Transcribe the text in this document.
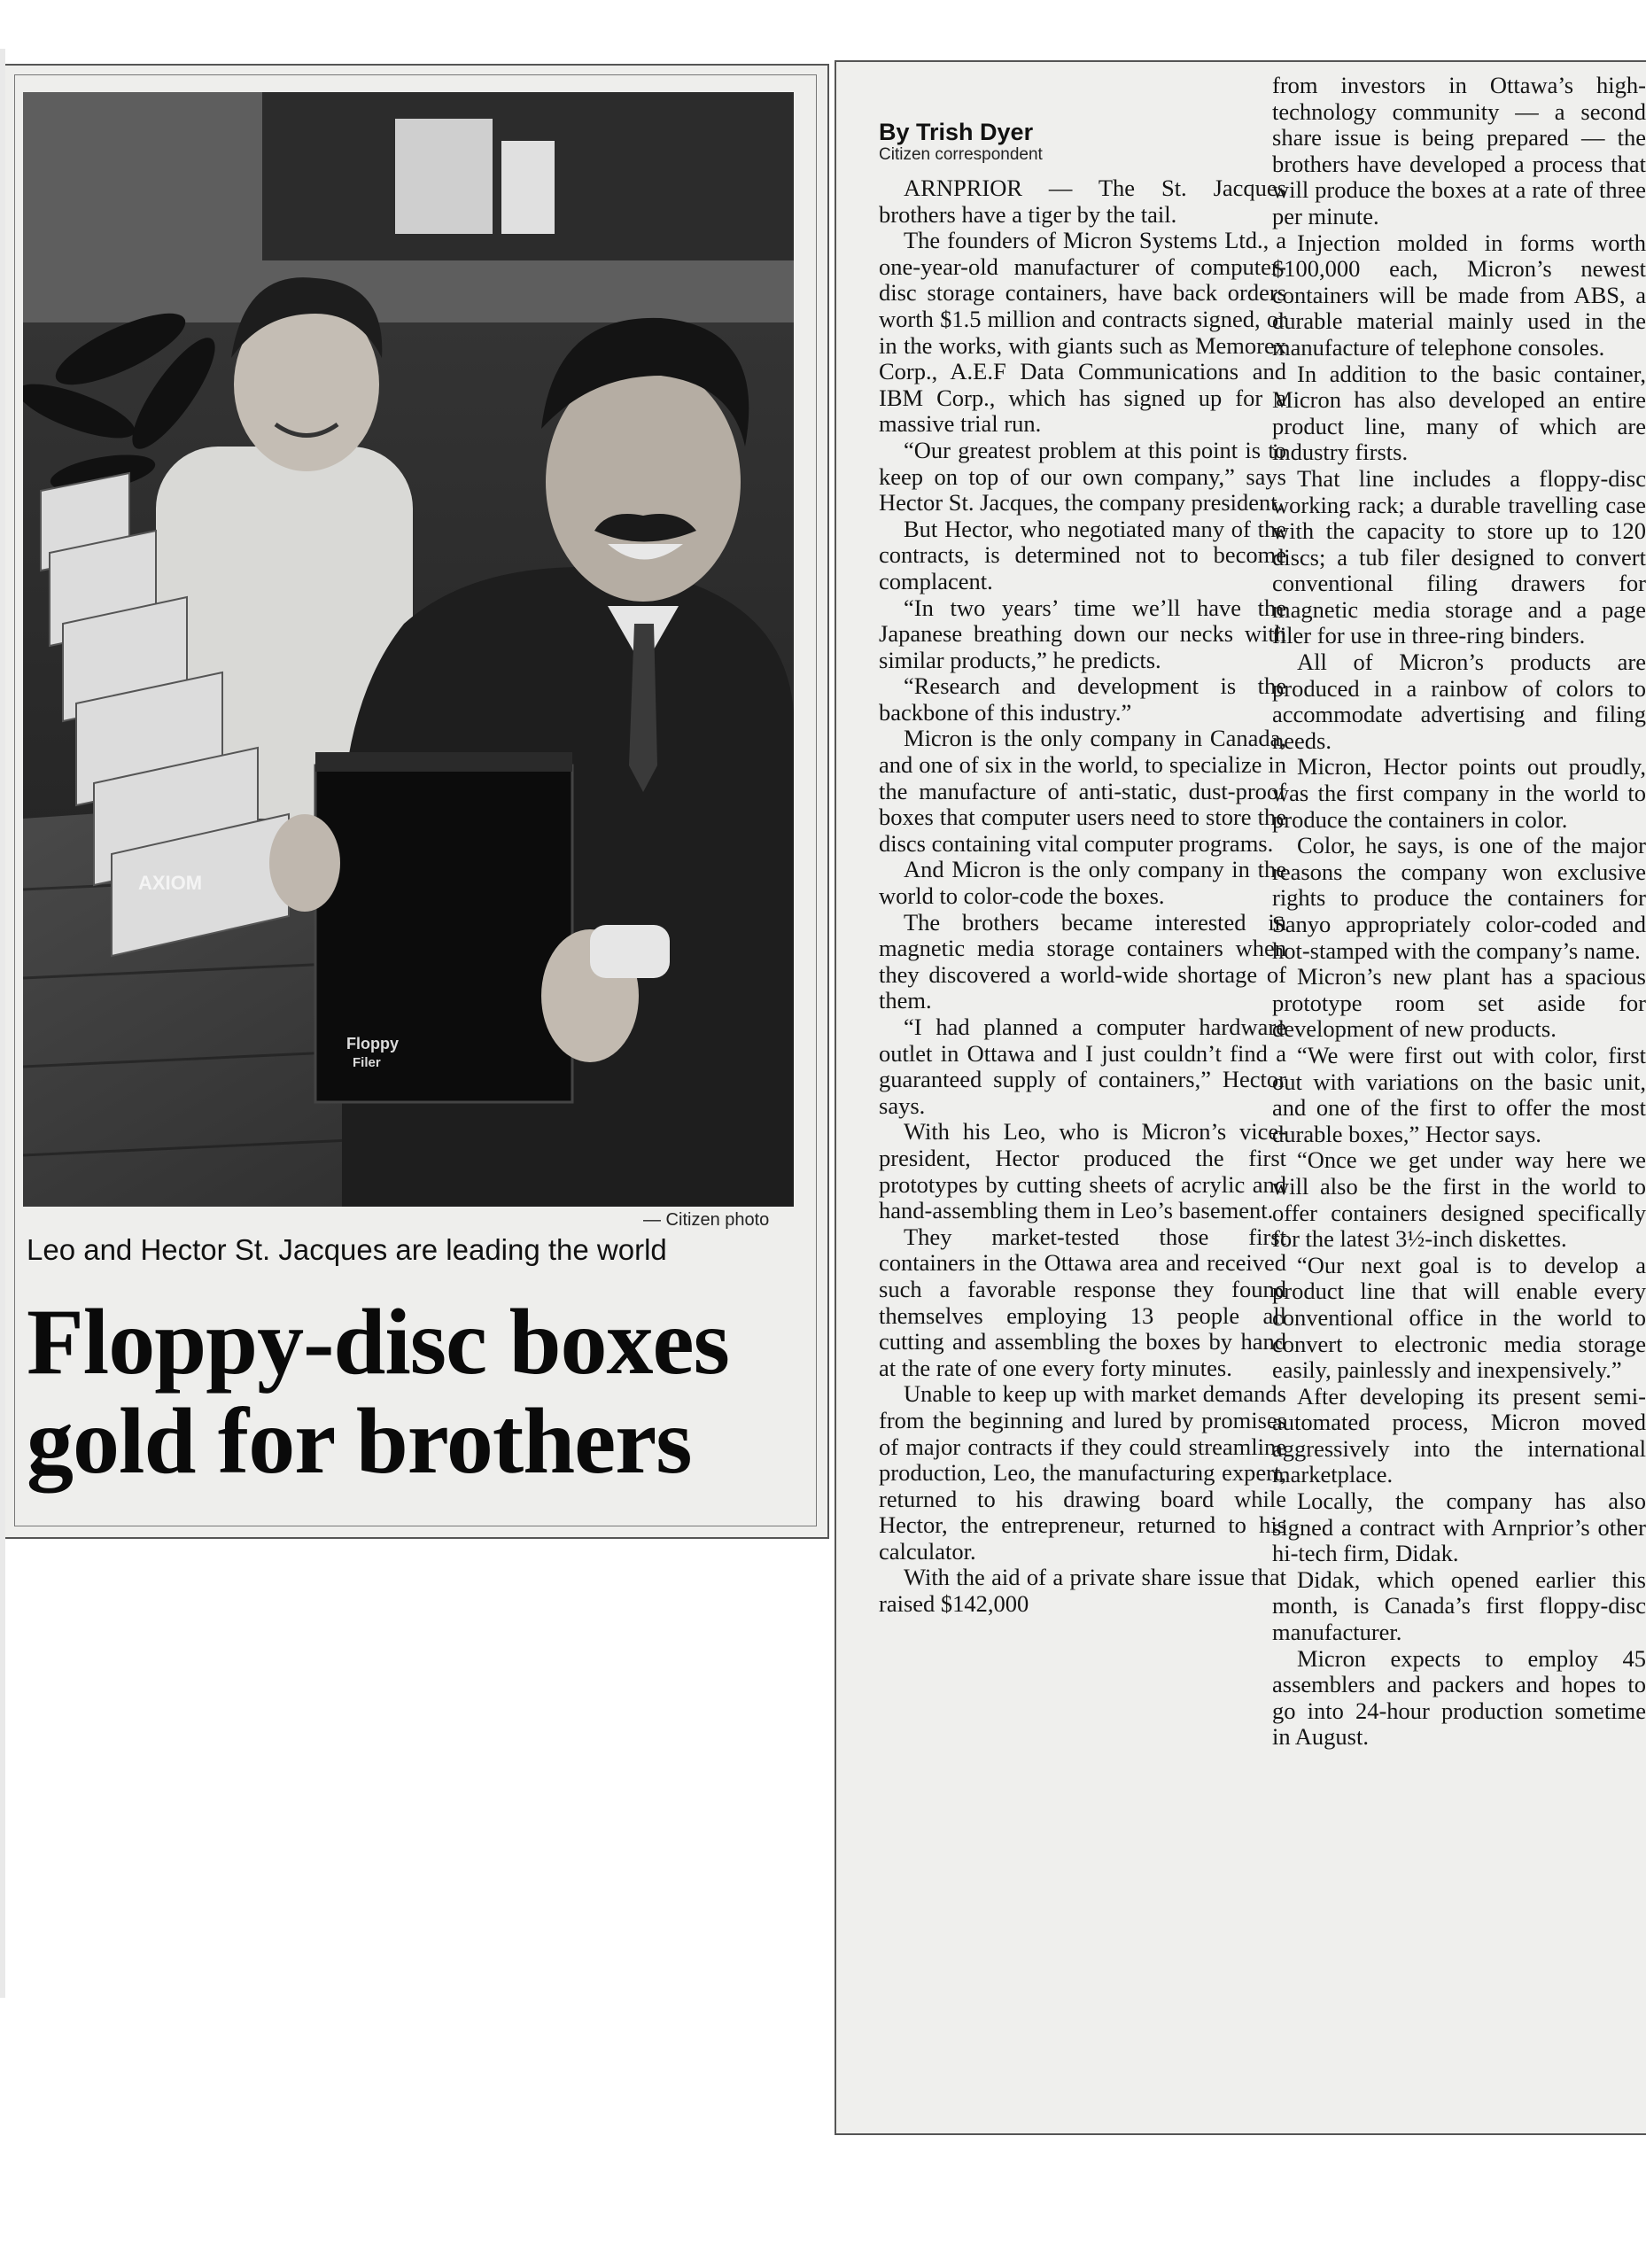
AXIOM
Floppy
Filer
— Citizen photo
Leo and Hector St. Jacques are leading the world
Floppy-disc boxes
gold for brothers
By Trish Dyer
Citizen correspondent

ARNPRIOR — The St. Jacques brothers have a tiger by the tail.

The founders of Micron Systems Ltd., a one-year-old manufacturer of computer-disc storage containers, have back orders worth $1.5 million and contracts signed, or in the works, with giants such as Memorex Corp., A.E.F Data Communications and IBM Corp., which has signed up for a massive trial run.

“Our greatest problem at this point is to keep on top of our own company,” says Hector St. Jacques, the company president.

But Hector, who negotiated many of the contracts, is determined not to become complacent.

“In two years’ time we’ll have the Japanese breathing down our necks with similar products,” he predicts.

“Research and development is the backbone of this industry.”

Micron is the only company in Canada, and one of six in the world, to specialize in the manufacture of anti-static, dust-proof boxes that computer users need to store the discs containing vital computer programs.

And Micron is the only company in the world to color-code the boxes.

The brothers became interested in magnetic media storage containers when they discovered a world-wide shortage of them.

“I had planned a computer hardware outlet in Ottawa and I just couldn’t find a guaranteed supply of containers,” Hector says.

With his Leo, who is Micron’s vice-president, Hector produced the first prototypes by cutting sheets of acrylic and hand-assembling them in Leo’s basement.

They market-tested those first containers in the Ottawa area and received such a favorable response they found themselves employing 13 people all cutting and assembling the boxes by hand at the rate of one every forty minutes.

Unable to keep up with market demands from the beginning and lured by promises of major contracts if they could streamline production, Leo, the manufacturing expert, returned to his drawing board while Hector, the entrepreneur, returned to his calculator.

With the aid of a private share issue that raised $142,000

from investors in Ottawa’s high-technology community — a second share issue is being prepared — the brothers have developed a process that will produce the boxes at a rate of three per minute.

Injection molded in forms worth $100,000 each, Micron’s newest containers will be made from ABS, a durable material mainly used in the manufacture of telephone consoles.

In addition to the basic container, Micron has also developed an entire product line, many of which are industry firsts.

That line includes a floppy-disc working rack; a durable travelling case with the capacity to store up to 120 discs; a tub filer designed to convert conventional filing drawers for magnetic media storage and a page filer for use in three-ring binders.

All of Micron’s products are produced in a rainbow of colors to accommodate advertising and filing needs.

Micron, Hector points out proudly, was the first company in the world to produce the containers in color.

Color, he says, is one of the major reasons the company won exclusive rights to produce the containers for Sanyo appropriately color-coded and hot-stamped with the company’s name.

Micron’s new plant has a spacious prototype room set aside for development of new products.

“We were first out with color, first out with variations on the basic unit, and one of the first to offer the most durable boxes,” Hector says.

“Once we get under way here we will also be the first in the world to offer containers designed specifically for the latest 3½-inch diskettes.

“Our next goal is to develop a product line that will enable every conventional office in the world to convert to electronic media storage easily, painlessly and inexpensively.”

After developing its present semi-automated process, Micron moved aggressively into the international marketplace.

Locally, the company has also signed a contract with Arnprior’s other hi-tech firm, Didak.

Didak, which opened earlier this month, is Canada’s first floppy-disc manufacturer.

Micron expects to employ 45 assemblers and packers and hopes to go into 24-hour production sometime in August.
